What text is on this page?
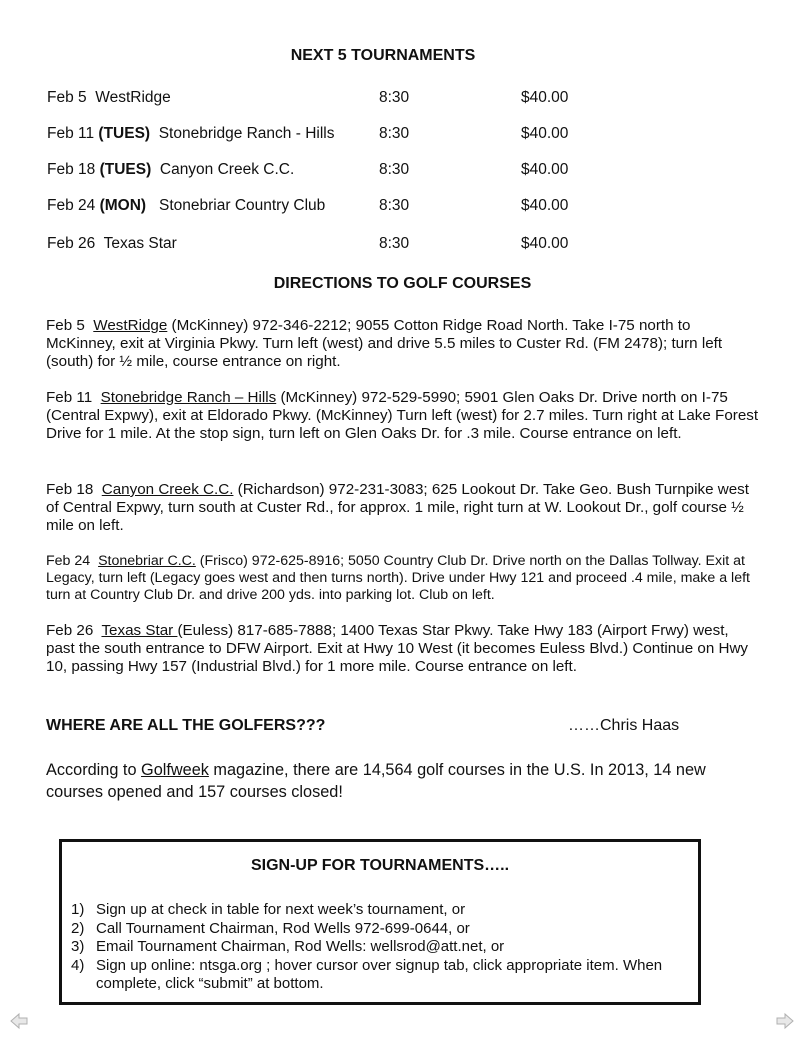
NEXT 5 TOURNAMENTS
Feb 5 WestRidge	8:30	$40.00
Feb 11 (TUES) Stonebridge Ranch - Hills	8:30	$40.00
Feb 18 (TUES) Canyon Creek C.C.	8:30	$40.00
Feb 24 (MON) Stonebriar Country Club	8:30	$40.00
Feb 26 Texas Star	8:30	$40.00
DIRECTIONS TO GOLF COURSES
Feb 5 WestRidge (McKinney) 972-346-2212; 9055 Cotton Ridge Road North. Take I-75 north to McKinney, exit at Virginia Pkwy. Turn left (west) and drive 5.5 miles to Custer Rd. (FM 2478); turn left (south) for ½ mile, course entrance on right.
Feb 11 Stonebridge Ranch – Hills (McKinney) 972-529-5990; 5901 Glen Oaks Dr. Drive north on I-75 (Central Expwy), exit at Eldorado Pkwy. (McKinney) Turn left (west) for 2.7 miles. Turn right at Lake Forest Drive for 1 mile. At the stop sign, turn left on Glen Oaks Dr. for .3 mile. Course entrance on left.
Feb 18 Canyon Creek C.C. (Richardson) 972-231-3083; 625 Lookout Dr. Take Geo. Bush Turnpike west of Central Expwy, turn south at Custer Rd., for approx. 1 mile, right turn at W. Lookout Dr., golf course ½ mile on left.
Feb 24 Stonebriar C.C. (Frisco) 972-625-8916; 5050 Country Club Dr. Drive north on the Dallas Tollway. Exit at Legacy, turn left (Legacy goes west and then turns north). Drive under Hwy 121 and proceed .4 mile, make a left turn at Country Club Dr. and drive 200 yds. into parking lot. Club on left.
Feb 26 Texas Star (Euless) 817-685-7888; 1400 Texas Star Pkwy. Take Hwy 183 (Airport Frwy) west, past the south entrance to DFW Airport. Exit at Hwy 10 West (it becomes Euless Blvd.) Continue on Hwy 10, passing Hwy 157 (Industrial Blvd.) for 1 more mile. Course entrance on left.
WHERE ARE ALL THE GOLFERS???	……Chris Haas
According to Golfweek magazine, there are 14,564 golf courses in the U.S. In 2013, 14 new courses opened and 157 courses closed!
SIGN-UP FOR TOURNAMENTS…..
1) Sign up at check in table for next week’s tournament, or
2) Call Tournament Chairman, Rod Wells 972-699-0644, or
3) Email Tournament Chairman, Rod Wells: wellsrod@att.net, or
4) Sign up online: ntsga.org ; hover cursor over signup tab, click appropriate item. When complete, click “submit” at bottom.
